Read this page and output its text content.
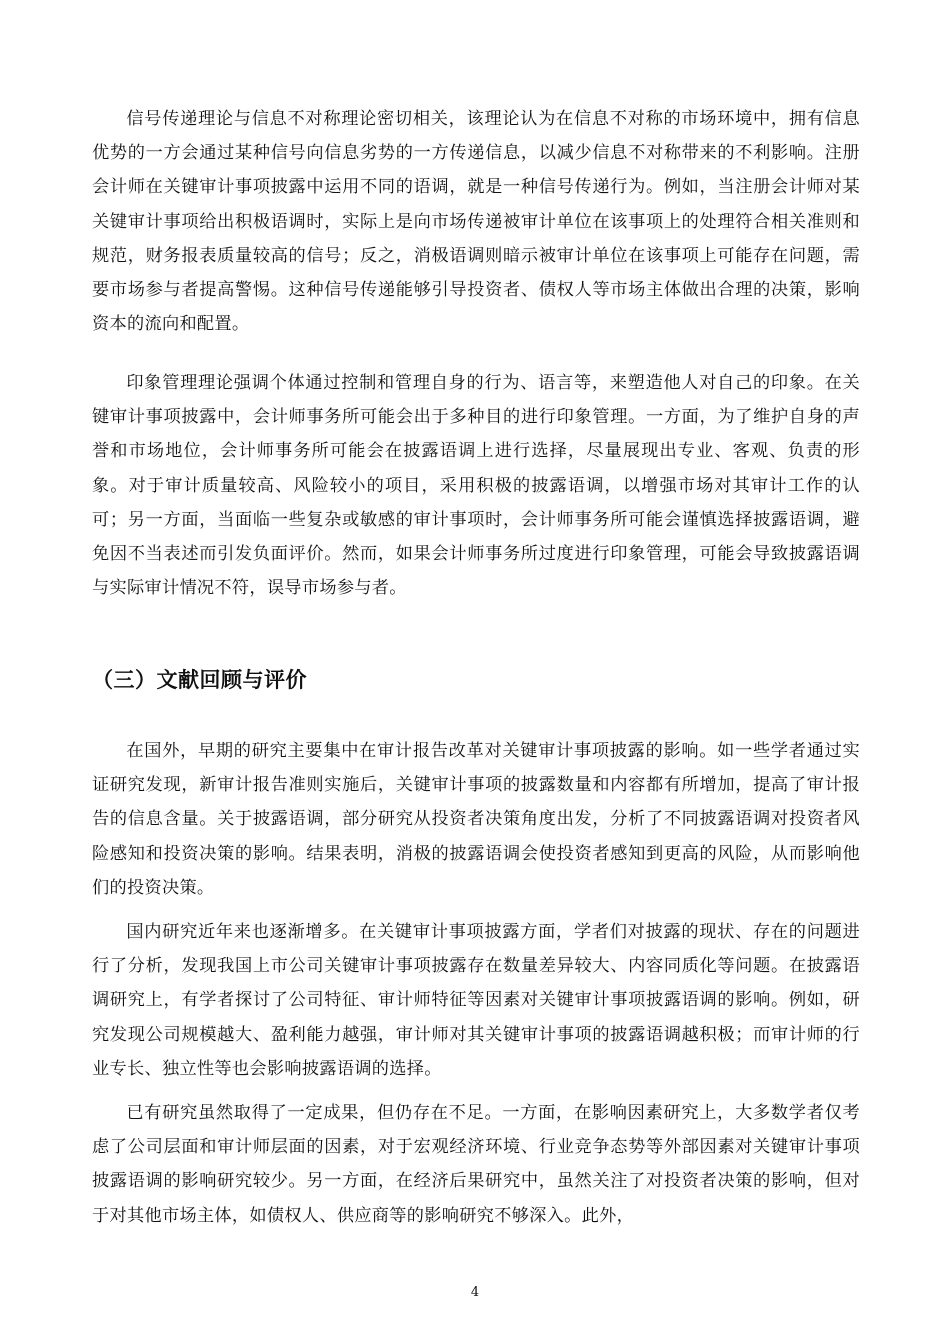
信号传递理论与信息不对称理论密切相关，该理论认为在信息不对称的市场环境中，拥有信息优势的一方会通过某种信号向信息劣势的一方传递信息，以减少信息不对称带来的不利影响。注册会计师在关键审计事项披露中运用不同的语调，就是一种信号传递行为。例如，当注册会计师对某关键审计事项给出积极语调时，实际上是向市场传递被审计单位在该事项上的处理符合相关准则和规范，财务报表质量较高的信号；反之，消极语调则暗示被审计单位在该事项上可能存在问题，需要市场参与者提高警惕。这种信号传递能够引导投资者、债权人等市场主体做出合理的决策，影响资本的流向和配置。

印象管理理论强调个体通过控制和管理自身的行为、语言等，来塑造他人对自己的印象。在关键审计事项披露中，会计师事务所可能会出于多种目的进行印象管理。一方面，为了维护自身的声誉和市场地位，会计师事务所可能会在披露语调上进行选择，尽量展现出专业、客观、负责的形象。对于审计质量较高、风险较小的项目，采用积极的披露语调，以增强市场对其审计工作的认可；另一方面，当面临一些复杂或敏感的审计事项时，会计师事务所可能会谨慎选择披露语调，避免因不当表述而引发负面评价。然而，如果会计师事务所过度进行印象管理，可能会导致披露语调与实际审计情况不符，误导市场参与者。

（三）文献回顾与评价

在国外，早期的研究主要集中在审计报告改革对关键审计事项披露的影响。如一些学者通过实证研究发现，新审计报告准则实施后，关键审计事项的披露数量和内容都有所增加，提高了审计报告的信息含量。关于披露语调，部分研究从投资者决策角度出发，分析了不同披露语调对投资者风险感知和投资决策的影响。结果表明，消极的披露语调会使投资者感知到更高的风险，从而影响他们的投资决策。

国内研究近年来也逐渐增多。在关键审计事项披露方面，学者们对披露的现状、存在的问题进行了分析，发现我国上市公司关键审计事项披露存在数量差异较大、内容同质化等问题。在披露语调研究上，有学者探讨了公司特征、审计师特征等因素对关键审计事项披露语调的影响。例如，研究发现公司规模越大、盈利能力越强，审计师对其关键审计事项的披露语调越积极；而审计师的行业专长、独立性等也会影响披露语调的选择。

已有研究虽然取得了一定成果，但仍存在不足。一方面，在影响因素研究上，大多数学者仅考虑了公司层面和审计师层面的因素，对于宏观经济环境、行业竞争态势等外部因素对关键审计事项披露语调的影响研究较少。另一方面，在经济后果研究中，虽然关注了对投资者决策的影响，但对于对其他市场主体，如债权人、供应商等的影响研究不够深入。此外，

4
